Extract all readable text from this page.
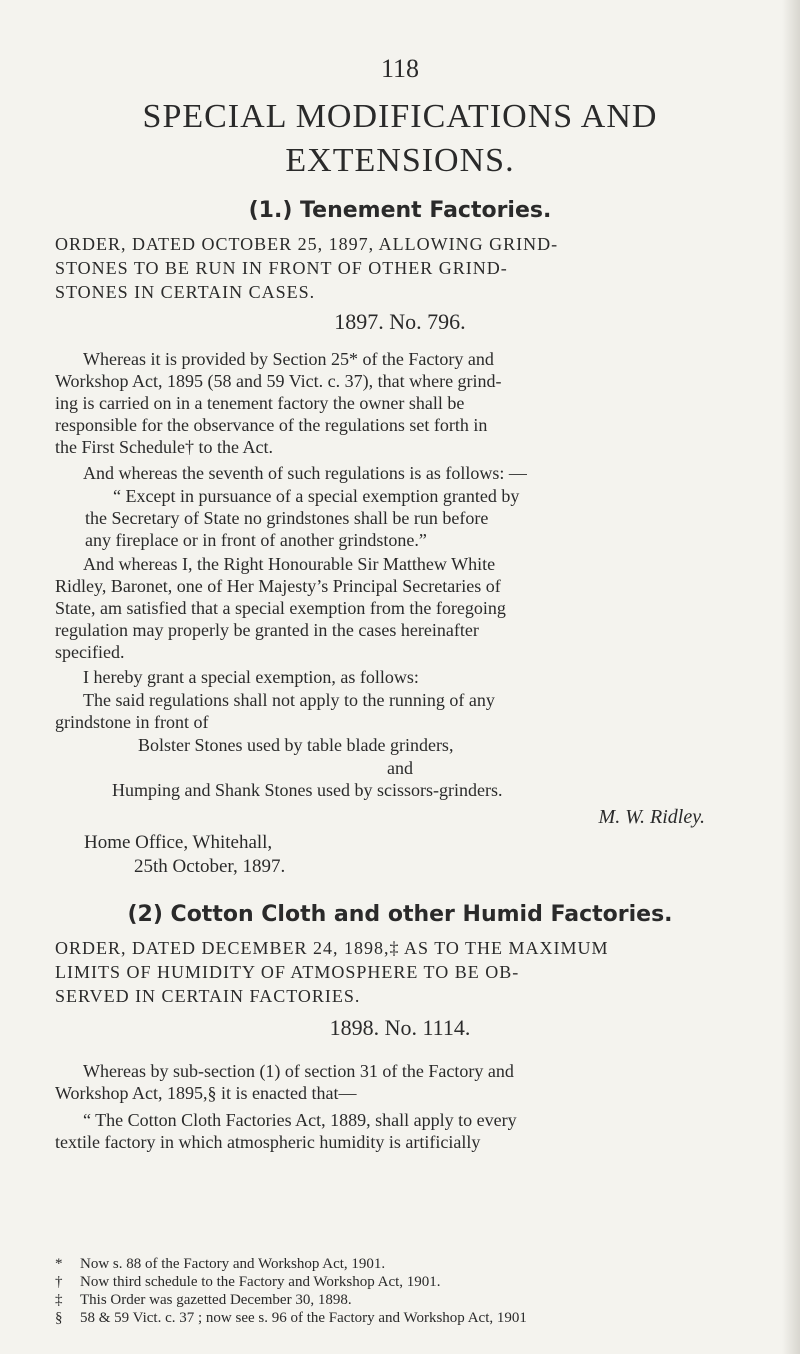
118
SPECIAL MODIFICATIONS AND
EXTENSIONS.
(1.) Tenement Factories.
ORDER, DATED OCTOBER 25, 1897, ALLOWING GRIND-
STONES TO BE RUN IN FRONT OF OTHER GRIND-
STONES IN CERTAIN CASES.
1897. No. 796.

Whereas it is provided by Section 25* of the Factory and
Workshop Act, 1895 (58 and 59 Vict. c. 37), that where grind-
ing is carried on in a tenement factory the owner shall be
responsible for the observance of the regulations set forth in
the First Schedule† to the Act.

And whereas the seventh of such regulations is as follows: —

“ Except in pursuance of a special exemption granted by
the Secretary of State no grindstones shall be run before
any fireplace or in front of another grindstone.”

And whereas I, the Right Honourable Sir Matthew White
Ridley, Baronet, one of Her Majesty’s Principal Secretaries of
State, am satisfied that a special exemption from the foregoing
regulation may properly be granted in the cases hereinafter
specified.

I hereby grant a special exemption, as follows:

The said regulations shall not apply to the running of any
grindstone in front of

Bolster Stones used by table blade grinders,

and

Humping and Shank Stones used by scissors-grinders.

M. W. Ridley.
Home Office, Whitehall,
25th October, 1897.
(2) Cotton Cloth and other Humid Factories.
ORDER, DATED DECEMBER 24, 1898,‡ AS TO THE MAXIMUM
LIMITS OF HUMIDITY OF ATMOSPHERE TO BE OB-
SERVED IN CERTAIN FACTORIES.
1898. No. 1114.

Whereas by sub-section (1) of section 31 of the Factory and
Workshop Act, 1895,§ it is enacted that—

“ The Cotton Cloth Factories Act, 1889, shall apply to every
textile factory in which atmospheric humidity is artificially

* Now s. 88 of the Factory and Workshop Act, 1901.
† Now third schedule to the Factory and Workshop Act, 1901.
‡ This Order was gazetted December 30, 1898.
§ 58 & 59 Vict. c. 37 ; now see s. 96 of the Factory and Workshop Act, 1901
